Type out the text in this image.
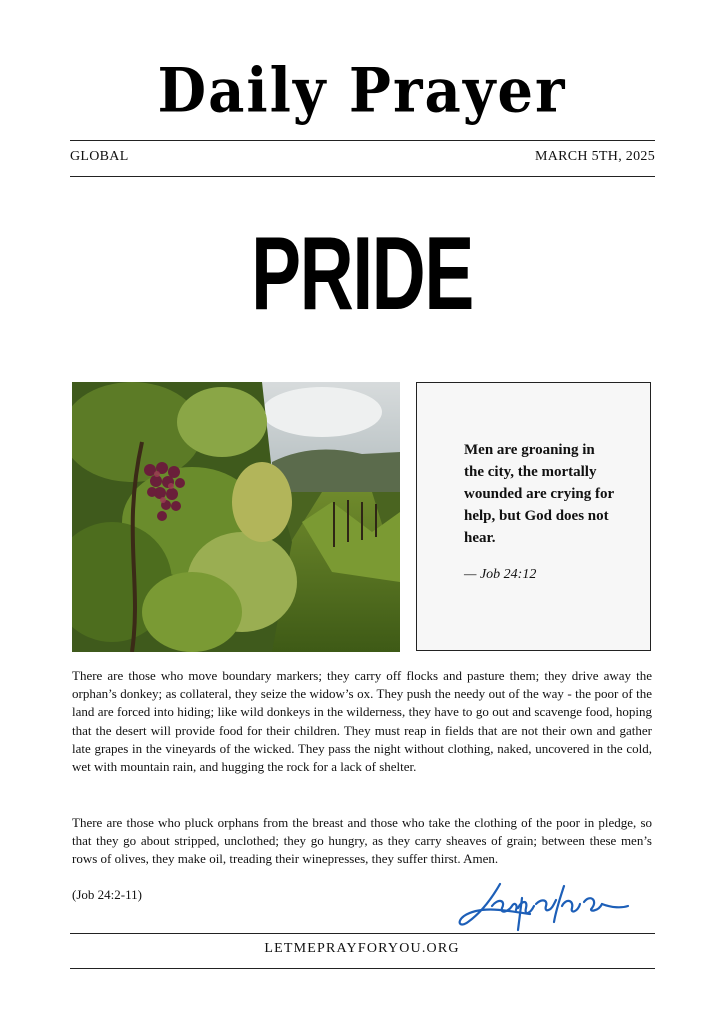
Daily Prayer
GLOBAL	MARCH 5TH, 2025
PRIDE
Men are groaning in the city, the mortally wounded are crying for help, but God does not hear.
— Job 24:12

There are those who move boundary markers; they carry off flocks and pasture them; they drive away the orphan’s donkey; as collateral, they seize the widow’s ox. They push the needy out of the way - the poor of the land are forced into hiding; like wild donkeys in the wilderness, they have to go out and scavenge food, hoping that the desert will provide food for their children. They must reap in fields that are not their own and gather late grapes in the vineyards of the wicked. They pass the night without clothing, naked, uncovered in the cold, wet with mountain rain, and hugging the rock for a lack of shelter.

There are those who pluck orphans from the breast and those who take the clothing of the poor in pledge, so that they go about stripped, unclothed; they go hungry, as they carry sheaves of grain; between these men’s rows of olives, they make oil, treading their winepresses, they suffer thirst. Amen.

(Job 24:2-11)
LETMEPRAYFORYOU.ORG
